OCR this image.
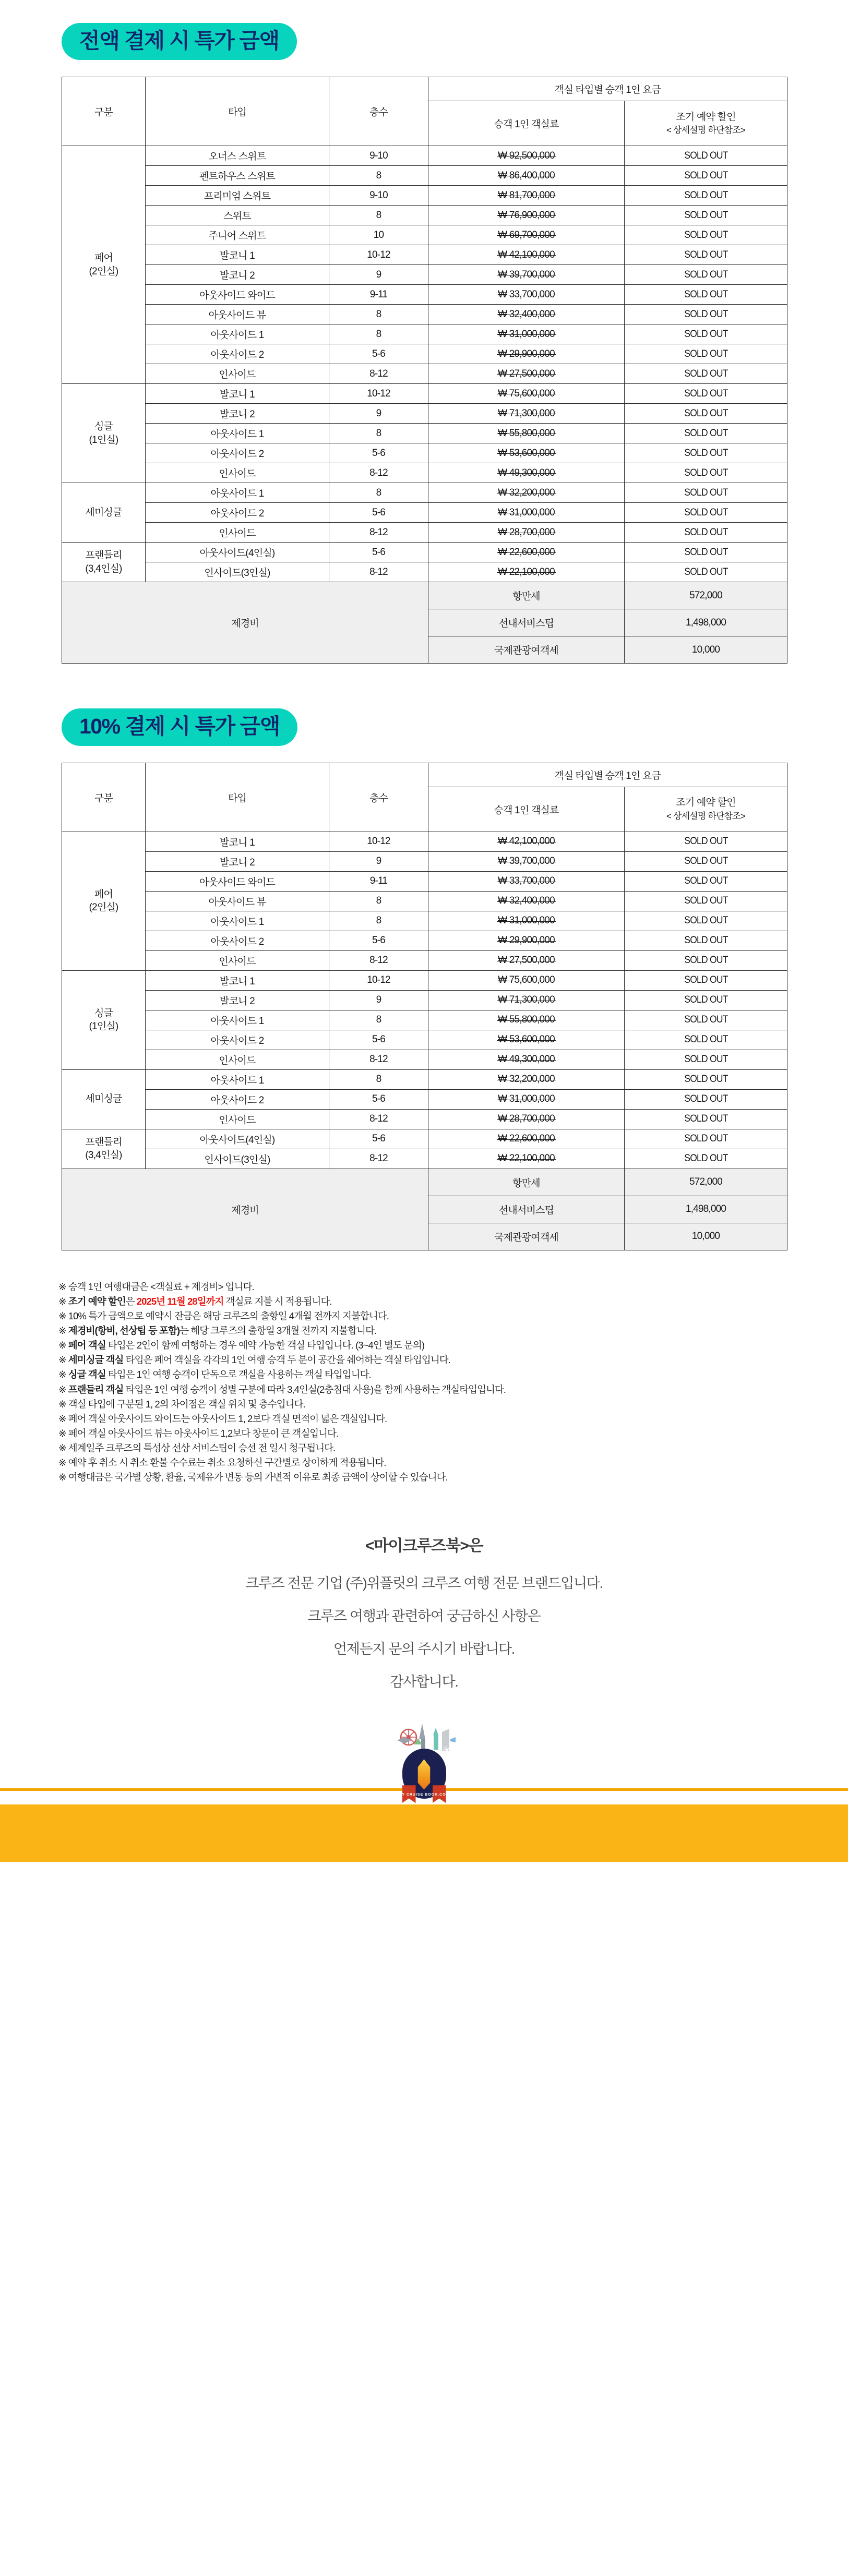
전액 결제 시 특가 금액
구분	타입	층수	객실 타입별 승객 1인 요금	
			승객 1인 객실료	조기 예약 할인
< 상세설명 하단참조>

페어
(2인실)	오너스 스위트	9-10	₩ 92,500,000	SOLD OUT
	펜트하우스 스위트	8	₩ 86,400,000	SOLD OUT
	프리미엄 스위트	9-10	₩ 81,700,000	SOLD OUT
	스위트	8	₩ 76,900,000	SOLD OUT
	주니어 스위트	10	₩ 69,700,000	SOLD OUT
	발코니 1	10-12	₩ 42,100,000	SOLD OUT
	발코니 2	9	₩ 39,700,000	SOLD OUT
	아웃사이드 와이드	9-11	₩ 33,700,000	SOLD OUT
	아웃사이드 뷰	8	₩ 32,400,000	SOLD OUT
	아웃사이드 1	8	₩ 31,000,000	SOLD OUT
	아웃사이드 2	5-6	₩ 29,900,000	SOLD OUT
	인사이드	8-12	₩ 27,500,000	SOLD OUT
싱글
(1인실)	발코니 1	10-12	₩ 75,600,000	SOLD OUT
	발코니 2	9	₩ 71,300,000	SOLD OUT
	아웃사이드 1	8	₩ 55,800,000	SOLD OUT
	아웃사이드 2	5-6	₩ 53,600,000	SOLD OUT
	인사이드	8-12	₩ 49,300,000	SOLD OUT
세미싱글	아웃사이드 1	8	₩ 32,200,000	SOLD OUT
	아웃사이드 2	5-6	₩ 31,000,000	SOLD OUT
	인사이드	8-12	₩ 28,700,000	SOLD OUT
프랜들리
(3,4인실)	아웃사이드(4인실)	5-6	₩ 22,600,000	SOLD OUT
	인사이드(3인실)	8-12	₩ 22,100,000	SOLD OUT
제경비			항만세	572,000
			선내서비스팁	1,498,000
			국제관광여객세	10,000
10% 결제 시 특가 금액
구분	타입	층수	객실 타입별 승객 1인 요금	
			승객 1인 객실료	조기 예약 할인
< 상세설명 하단참조>

페어
(2인실)	발코니 1	10-12	₩ 42,100,000	SOLD OUT
	발코니 2	9	₩ 39,700,000	SOLD OUT
	아웃사이드 와이드	9-11	₩ 33,700,000	SOLD OUT
	아웃사이드 뷰	8	₩ 32,400,000	SOLD OUT
	아웃사이드 1	8	₩ 31,000,000	SOLD OUT
	아웃사이드 2	5-6	₩ 29,900,000	SOLD OUT
	인사이드	8-12	₩ 27,500,000	SOLD OUT
싱글
(1인실)	발코니 1	10-12	₩ 75,600,000	SOLD OUT
	발코니 2	9	₩ 71,300,000	SOLD OUT
	아웃사이드 1	8	₩ 55,800,000	SOLD OUT
	아웃사이드 2	5-6	₩ 53,600,000	SOLD OUT
	인사이드	8-12	₩ 49,300,000	SOLD OUT
세미싱글	아웃사이드 1	8	₩ 32,200,000	SOLD OUT
	아웃사이드 2	5-6	₩ 31,000,000	SOLD OUT
	인사이드	8-12	₩ 28,700,000	SOLD OUT
프랜들리
(3,4인실)	아웃사이드(4인실)	5-6	₩ 22,600,000	SOLD OUT
	인사이드(3인실)	8-12	₩ 22,100,000	SOLD OUT
제경비			항만세	572,000
			선내서비스팁	1,498,000
			국제관광여객세	10,000

※ 승객 1인 여행대금은 <객실료 + 제경비> 입니다.

※ 조기 예약 할인은 2025년 11월 28일까지 객실료 지불 시 적용됩니다.

※ 10% 특가 금액으로 예약시 잔금은 해당 크루즈의 출항일 4개월 전까지 지불합니다.

※ 제경비(항비, 선상팁 등 포함)는 해당 크루즈의 출항일 3개월 전까지 지불합니다.

※ 페어 객실 타입은 2인이 함께 여행하는 경우 예약 가능한 객실 타입입니다. (3~4인 별도 문의)

※ 세미싱글 객실 타입은 페어 객실을 각각의 1인 여행 승객 두 분이 공간을 쉐어하는 객실 타입입니다.

※ 싱글 객실 타입은 1인 여행 승객이 단독으로 객실을 사용하는 객실 타입입니다.

※ 프랜들리 객실 타입은 1인 여행 승객이 성별 구분에 따라 3,4인실(2층침대 사용)을 함께 사용하는 객실타입입니다.

※ 객실 타입에 구분된 1, 2의 차이점은 객실 위치 및 층수입니다.

※ 페어 객실 아웃사이드 와이드는 아웃사이드 1, 2보다 객실 면적이 넓은 객실입니다.

※ 페어 객실 아웃사이드 뷰는 아웃사이드 1,2보다 창문이 큰 객실입니다.

※ 세계일주 크루즈의 특성상 선상 서비스팁이 승선 전 일시 청구됩니다.

※ 예약 후 취소 시 취소 환불 수수료는 취소 요청하신 구간별로 상이하게 적용됩니다.

※ 여행대금은 국가별 상황, 환율, 국제유가 변동 등의 가변적 이유로 최종 금액이 상이할 수 있습니다.

<마이크루즈북>은
크루즈 전문 기업 (주)위플릿의 크루즈 여행 전문 브랜드입니다.
크루즈 여행과 관련하여 궁금하신 사항은
언제든지 문의 주시기 바랍니다.
감사합니다.
✳
MY CRUISE BOOK.COM
